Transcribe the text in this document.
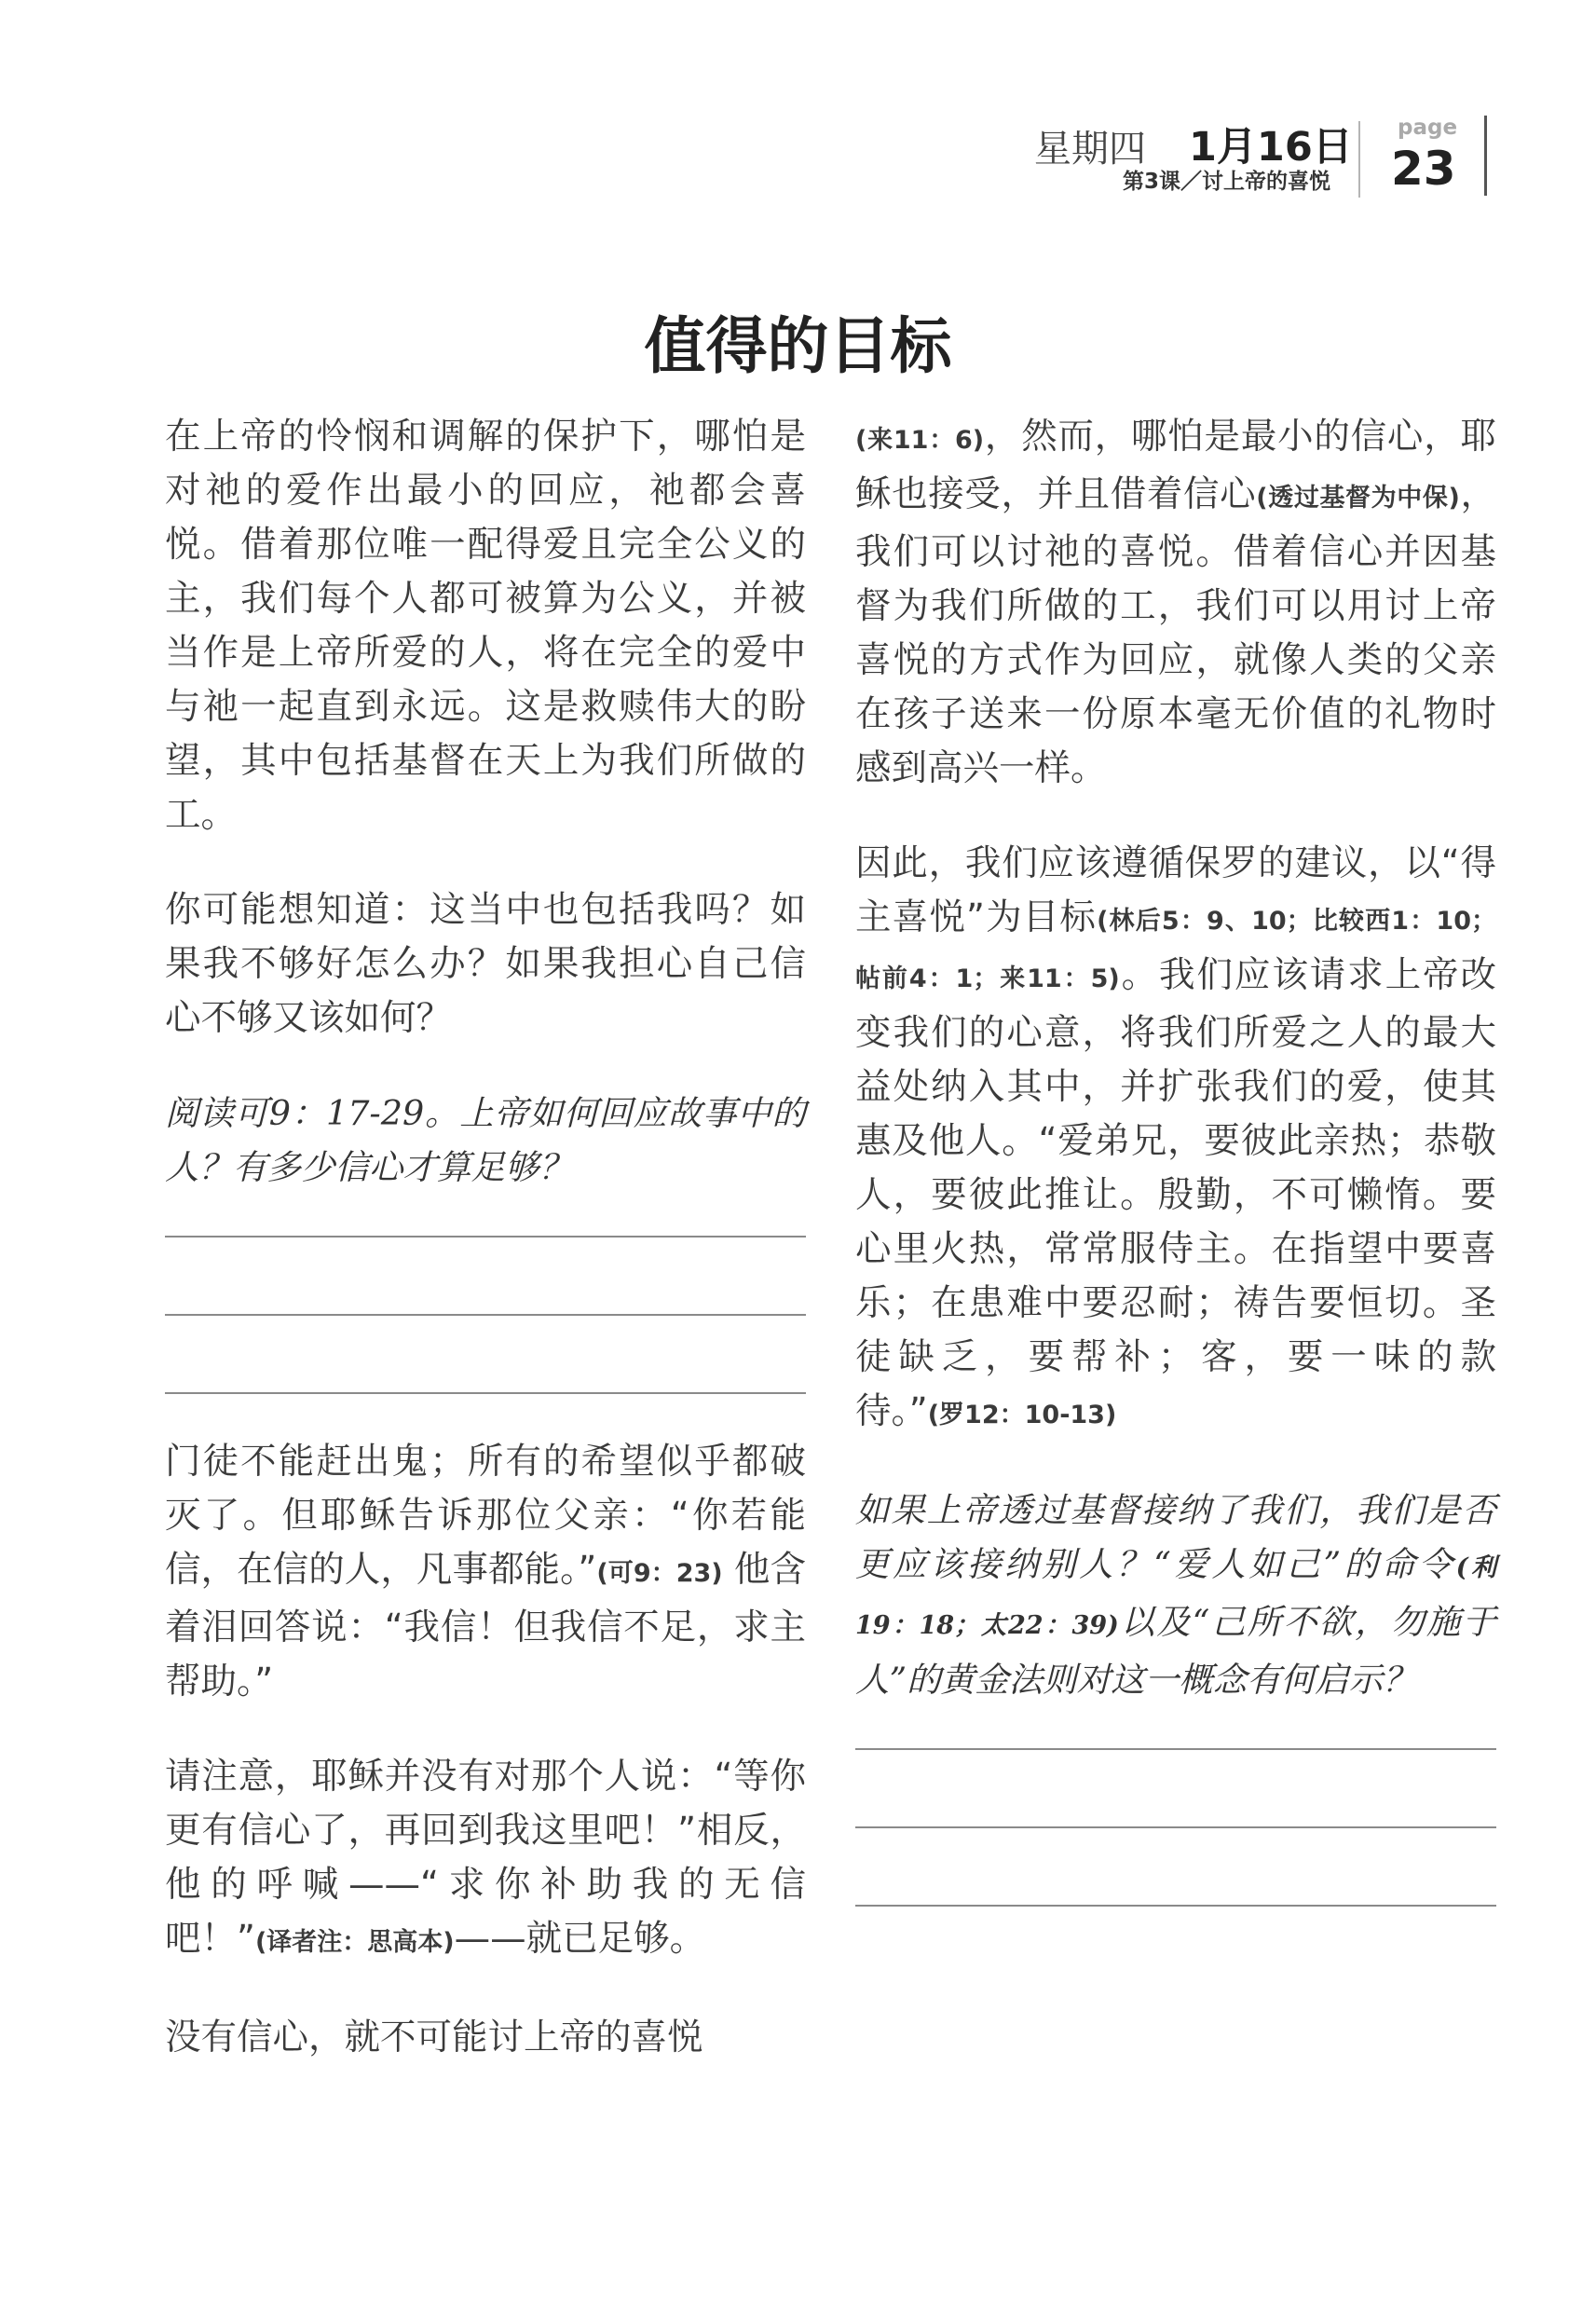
星期四 1月16日
第3课／讨上帝的喜悦
page
23
值得的目标

在上帝的怜悯和调解的保护下，哪怕是对祂的爱作出最小的回应，祂都会喜悦。借着那位唯一配得爱且完全公义的主，我们每个人都可被算为公义，并被当作是上帝所爱的人，将在完全的爱中与祂一起直到永远。这是救赎伟大的盼望，其中包括基督在天上为我们所做的工。

你可能想知道：这当中也包括我吗？如果我不够好怎么办？如果我担心自己信心不够又该如何？

阅读可9：17-29。上帝如何回应故事中的人？有多少信心才算足够？

门徒不能赶出鬼；所有的希望似乎都破灭了。但耶稣告诉那位父亲：“你若能信，在信的人，凡事都能。”(可9：23) 他含着泪回答说：“我信！但我信不足，求主帮助。”

请注意，耶稣并没有对那个人说：“等你更有信心了，再回到我这里吧！”相反，他的呼喊——“求你补助我的无信吧！”(译者注：思高本)——就已足够。

没有信心，就不可能讨上帝的喜悦

(来11：6)，然而，哪怕是最小的信心，耶稣也接受，并且借着信心(透过基督为中保)，我们可以讨祂的喜悦。借着信心并因基督为我们所做的工，我们可以用讨上帝喜悦的方式作为回应，就像人类的父亲在孩子送来一份原本毫无价值的礼物时感到高兴一样。

因此，我们应该遵循保罗的建议，以“得主喜悦”为目标(林后5：9、10；比较西1：10；帖前4：1；来11：5)。我们应该请求上帝改变我们的心意，将我们所爱之人的最大益处纳入其中，并扩张我们的爱，使其惠及他人。“爱弟兄，要彼此亲热；恭敬人，要彼此推让。殷勤，不可懒惰。要心里火热，常常服侍主。在指望中要喜乐；在患难中要忍耐；祷告要恒切。圣徒缺乏，要帮补；客，要一味的款待。”(罗12：10-13)

如果上帝透过基督接纳了我们，我们是否更应该接纳别人？“爱人如己”的命令(利19：18；太22：39)以及“己所不欲，勿施于人”的黄金法则对这一概念有何启示？
